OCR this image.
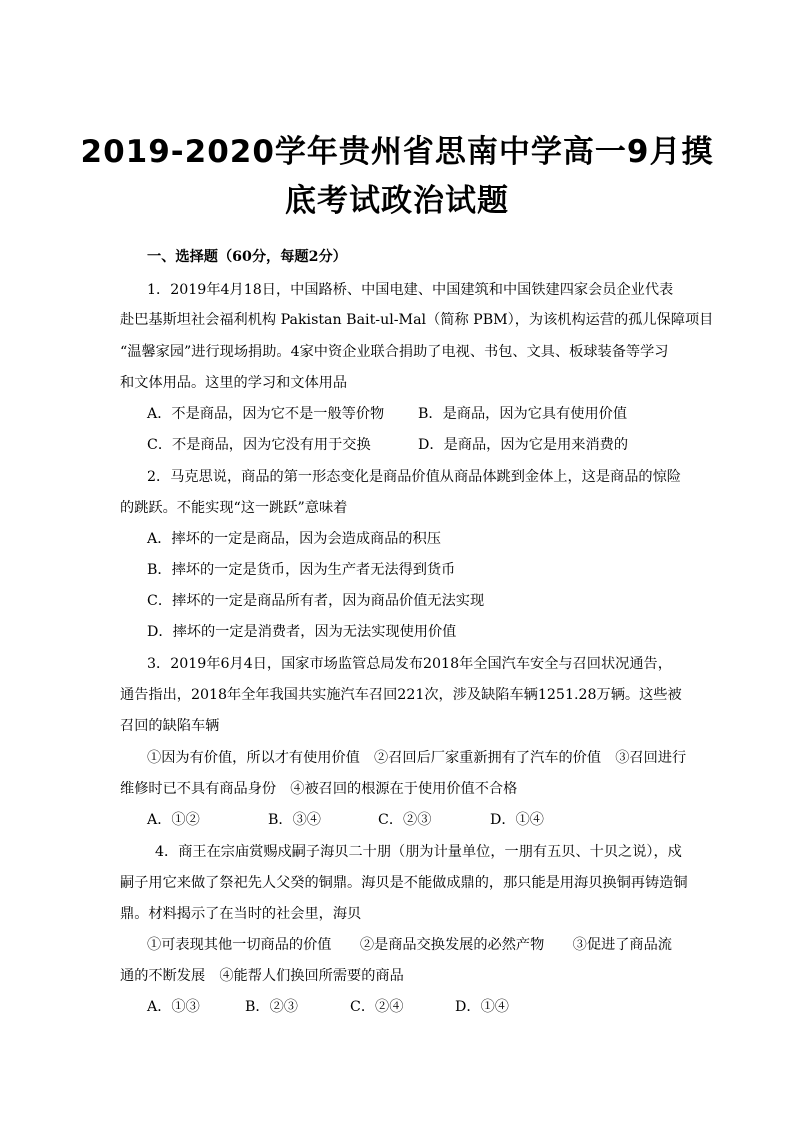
2019-2020学年贵州省思南中学高一9月摸
底考试政治试题
一、选择题（60分，每题2分）
1．2019年4月18日，中国路桥、中国电建、中国建筑和中国铁建四家会员企业代表
赴巴基斯坦社会福利机构 Pakistan Bait-ul-Mal（简称 PBM），为该机构运营的孤儿保障项目
“温馨家园”进行现场捐助。4家中资企业联合捐助了电视、书包、文具、板球装备等学习
和文体用品。这里的学习和文体用品
A．不是商品，因为它不是一般等价物 B．是商品，因为它具有使用价值
C．不是商品，因为它没有用于交换	D．是商品，因为它是用来消费的
2．马克思说，商品的第一形态变化是商品价值从商品体跳到金体上，这是商品的惊险
的跳跃。不能实现“这一跳跃”意味着
A．摔坏的一定是商品，因为会造成商品的积压
B．摔坏的一定是货币，因为生产者无法得到货币
C．摔坏的一定是商品所有者，因为商品价值无法实现
D．摔坏的一定是消费者，因为无法实现使用价值
3．2019年6月4日，国家市场监管总局发布2018年全国汽车安全与召回状况通告，
通告指出，2018年全年我国共实施汽车召回221次，涉及缺陷车辆1251.28万辆。这些被
召回的缺陷车辆
①因为有价值，所以才有使用价值　②召回后厂家重新拥有了汽车的价值　③召回进行
维修时已不具有商品身份　④被召回的根源在于使用价值不合格
A．①②	B．③④	C．②③	D．①④
4．商王在宗庙赏赐戍嗣子海贝二十朋（朋为计量单位，一朋有五贝、十贝之说），戍
嗣子用它来做了祭祀先人父癸的铜鼎。海贝是不能做成鼎的，那只能是用海贝换铜再铸造铜
鼎。材料揭示了在当时的社会里，海贝
①可表现其他一切商品的价值　　②是商品交换发展的必然产物　　③促进了商品流
通的不断发展　④能帮人们换回所需要的商品
A．①③	B．②③	C．②④	D．①④
